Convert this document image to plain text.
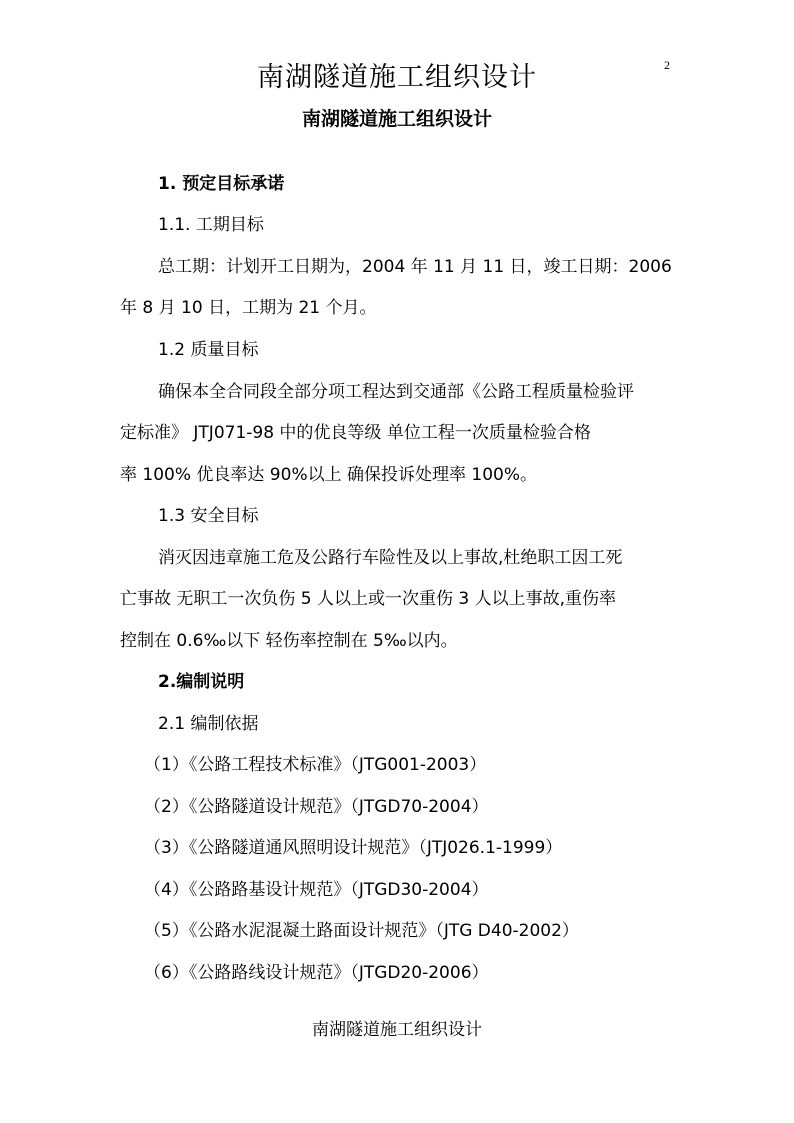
南湖隧道施工组织设计	2
南湖隧道施工组织设计
1. 预定目标承诺
1.1. 工期目标
总工期：计划开工日期为，2004 年 11 月 11 日，竣工日期：2006
年 8 月 10 日，工期为 21 个月。
1.2 质量目标
确保本全合同段全部分项工程达到交通部《公路工程质量检验评
定标准》 JTJ071-98 中的优良等级 单位工程一次质量检验合格
率 100% 优良率达 90%以上 确保投诉处理率 100%。
1.3 安全目标
消灭因违章施工危及公路行车险性及以上事故,杜绝职工因工死
亡事故 无职工一次负伤 5 人以上或一次重伤 3 人以上事故,重伤率
控制在 0.6‰以下 轻伤率控制在 5‰以内。
2.编制说明
2.1 编制依据
（1）《公路工程技术标准》（JTG001-2003）
（2）《公路隧道设计规范》（JTGD70-2004）
（3）《公路隧道通风照明设计规范》（JTJ026.1-1999）
（4）《公路路基设计规范》（JTGD30-2004）
（5）《公路水泥混凝土路面设计规范》（JTG D40-2002）
（6）《公路路线设计规范》（JTGD20-2006）
南湖隧道施工组织设计
